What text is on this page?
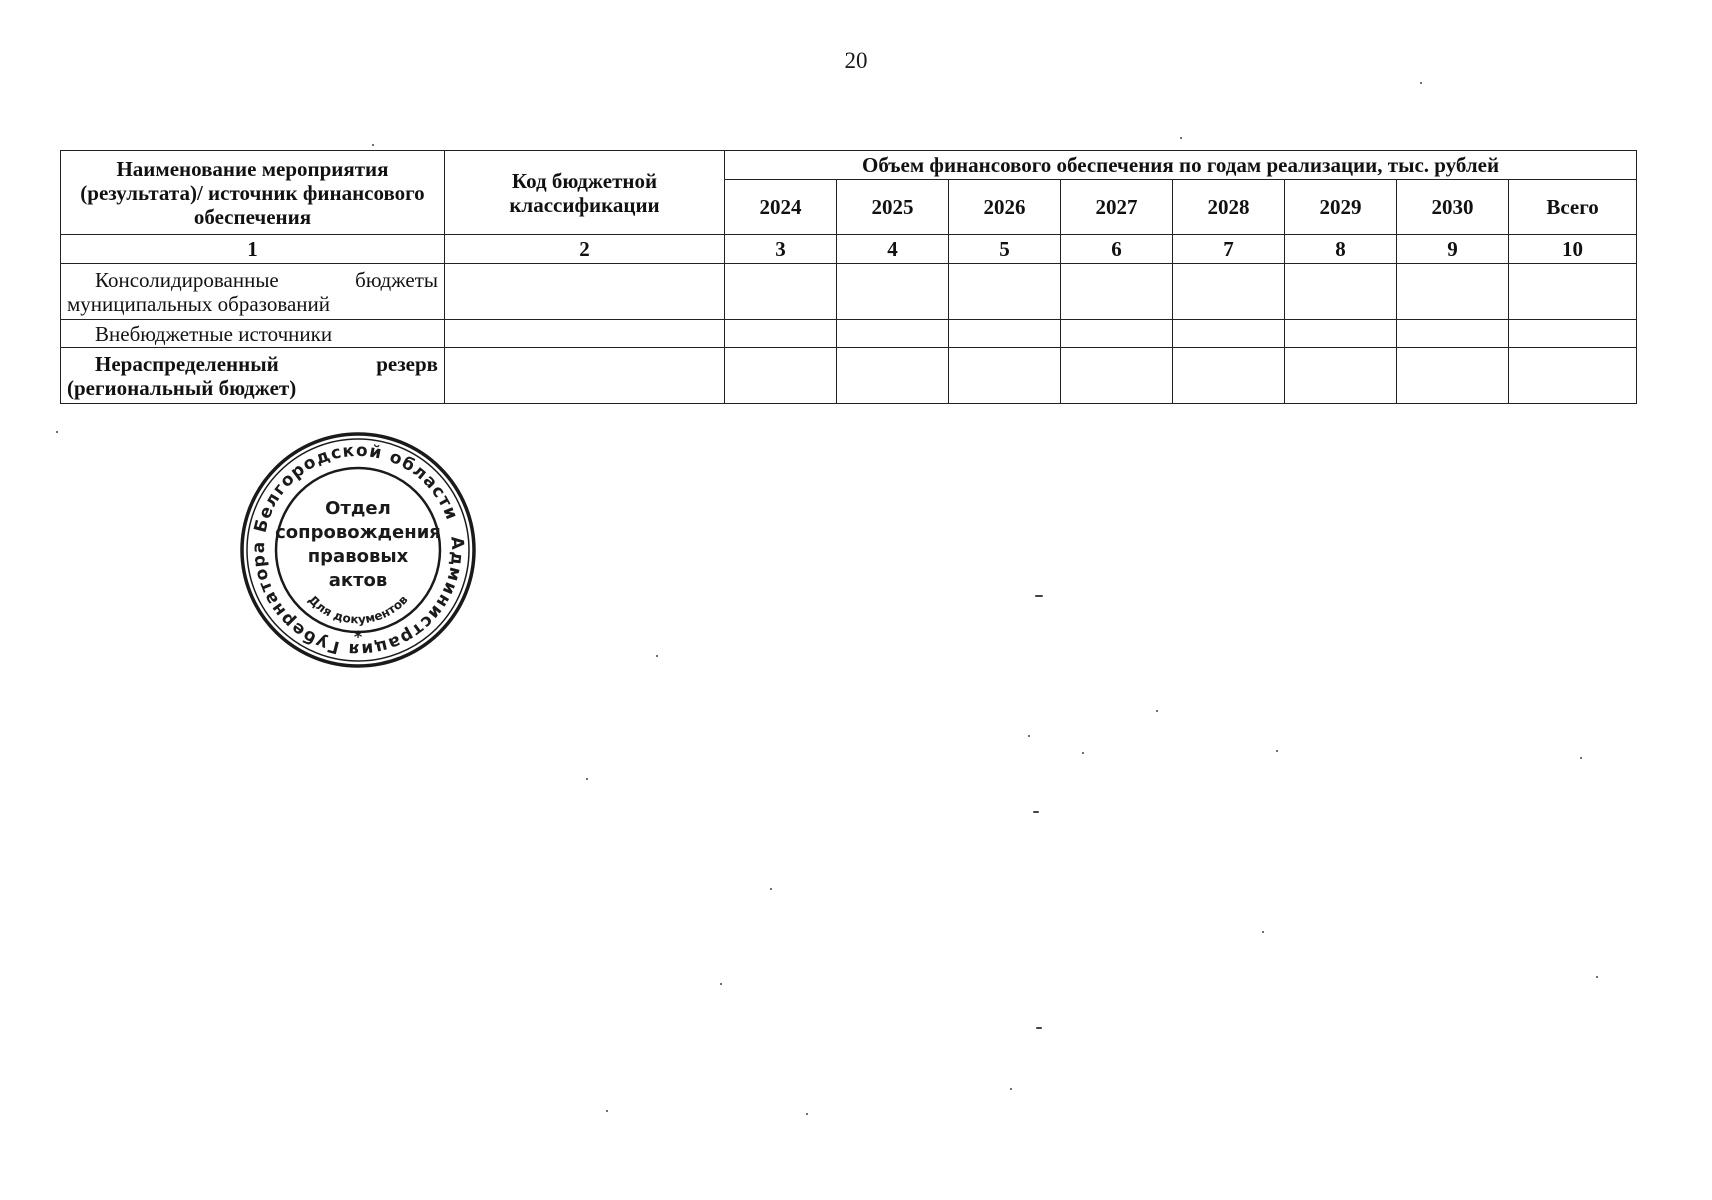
20
Наименование мероприятия (результата)/ источник финансового обеспечения	Код бюджетной классификации	Объем финансового обеспечения по годам реализации, тыс. рублей							
		2024	2025	2026	2027	2028	2029	2030	Всего
1	2	3	4	5	6	7	8	9	10
Консолидированные бюджеты муниципальных образований									
Внебюджетные источники									
Нераспределенный резерв (региональный бюджет)									
Администрация Губернатора Белгородской области
*
Отдел
сопровождения
правовых
актов
Для документов
